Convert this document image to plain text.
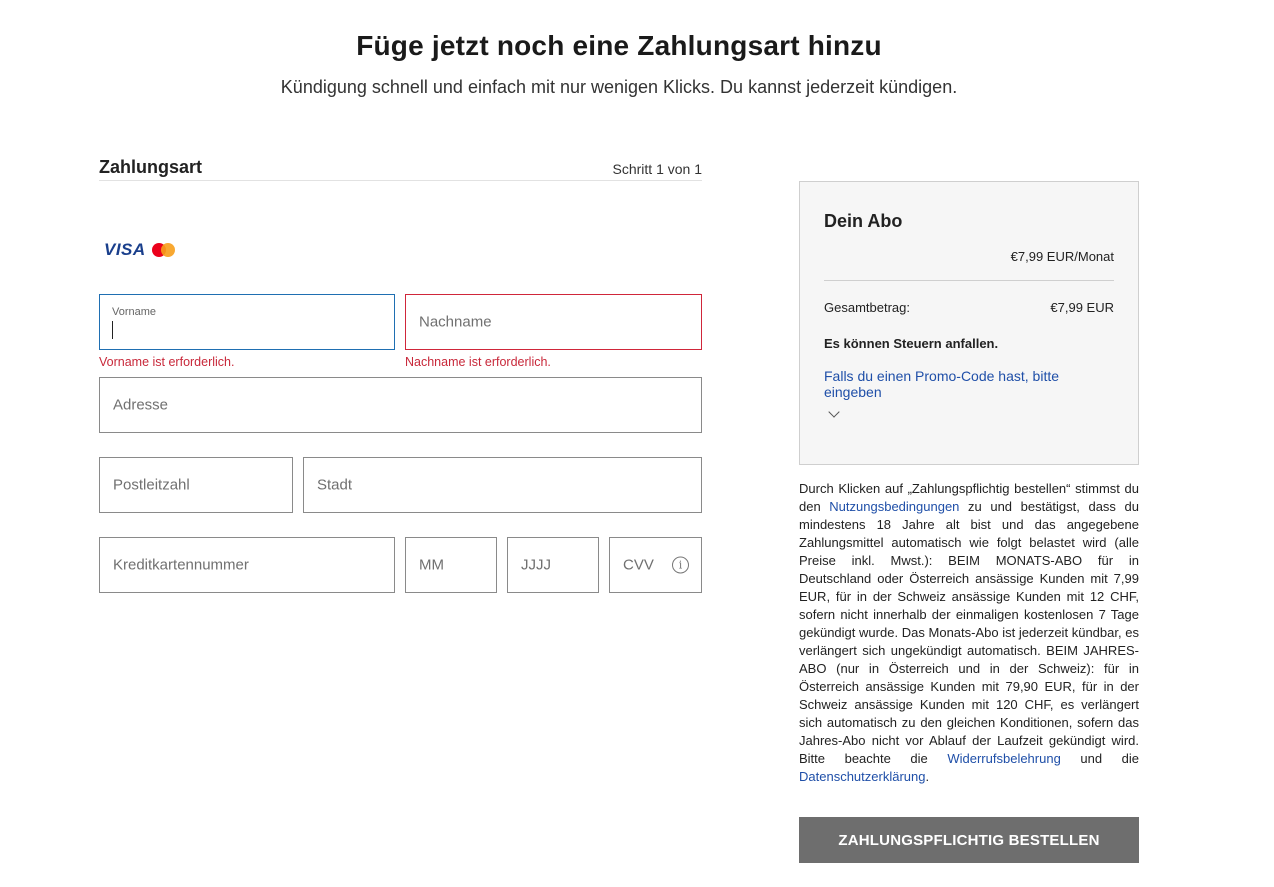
Füge jetzt noch eine Zahlungsart hinzu

Kündigung schnell und einfach mit nur wenigen Klicks. Du kannst jederzeit kündigen.

Zahlungsart	Schritt 1 von 1
VISA
Vorname
Vorname ist erforderlich.
Nachname
Nachname ist erforderlich.
Adresse
Postleitzahl	Stadt
Kreditkartennummer	MM	JJJJ	CVV	i
Dein Abo
€7,99 EUR/Monat
Gesamtbetrag:	€7,99 EUR
Es können Steuern anfallen.
Falls du einen Promo-Code hast, bitte eingeben

Durch Klicken auf „Zahlungspflichtig bestellen“ stimmst du den Nutzungsbedingungen zu und bestätigst, dass du mindestens 18 Jahre alt bist und das angegebene Zahlungsmittel automatisch wie folgt belastet wird (alle Preise inkl. Mwst.): BEIM MONATS-ABO für in Deutschland oder Österreich ansässige Kunden mit 7,99 EUR, für in der Schweiz ansässige Kunden mit 12 CHF, sofern nicht innerhalb der einmaligen kostenlosen 7 Tage gekündigt wurde. Das Monats-Abo ist jederzeit kündbar, es verlängert sich ungekündigt automatisch. BEIM JAHRES-ABO (nur in Österreich und in der Schweiz): für in Österreich ansässige Kunden mit 79,90 EUR, für in der Schweiz ansässige Kunden mit 120 CHF, es verlängert sich automatisch zu den gleichen Konditionen, sofern das Jahres-Abo nicht vor Ablauf der Laufzeit gekündigt wird. Bitte beachte die Widerrufsbelehrung und die Datenschutzerklärung.

ZAHLUNGSPFLICHTIG BESTELLEN
